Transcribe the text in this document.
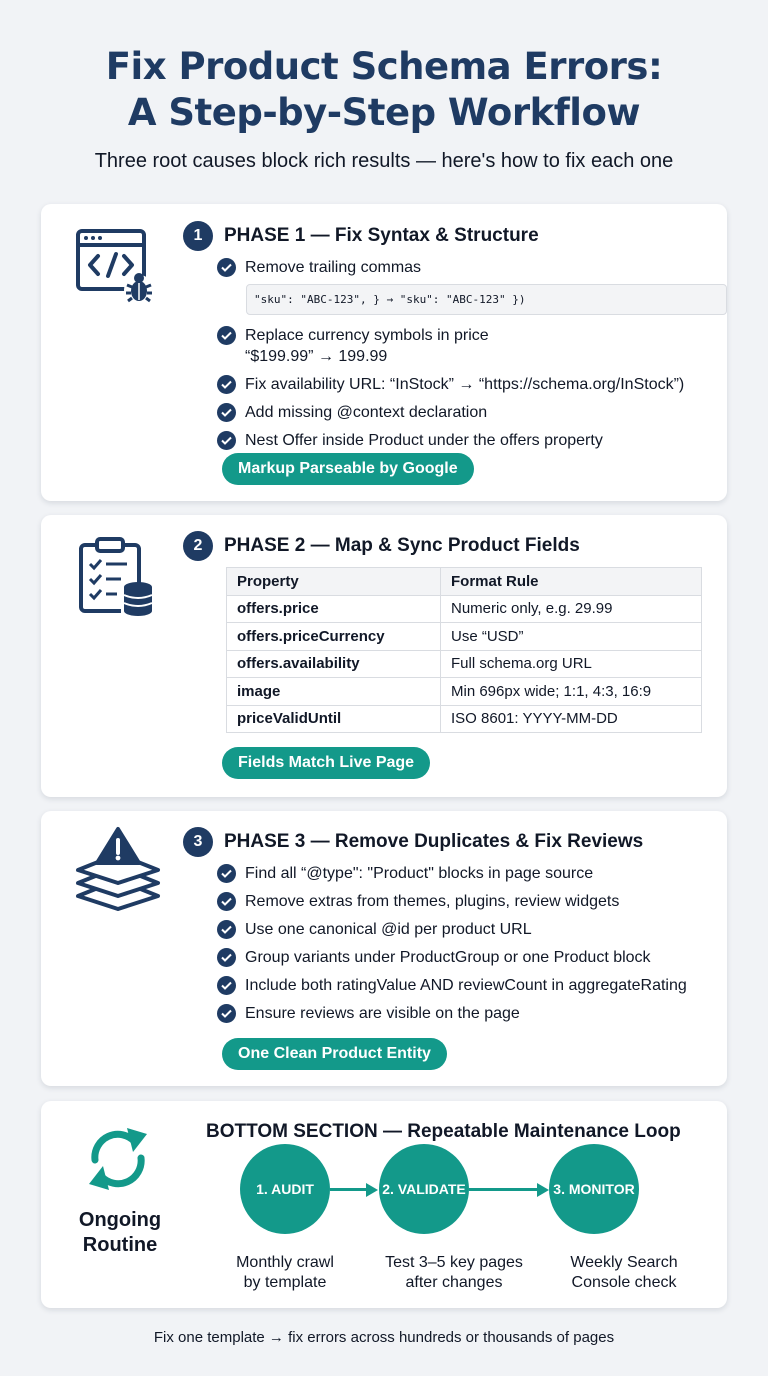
Fix Product Schema Errors:
A Step-by-Step Workflow

Three root causes block rich results — here's how to fix each one

1	PHASE 1 — Fix Syntax & Structure
Remove trailing commas
"sku": "ABC-123", } → "sku": "ABC-123" })
Replace currency symbols in price
“$199.99” → 199.99
Fix availability URL: “InStock” → “https://schema.org/InStock”)
Add missing @context declaration
Nest Offer inside Product under the offers property
Markup Parseable by Google
2	PHASE 2 — Map & Sync Product Fields
Property	Format Rule
offers.price	Numeric only, e.g. 29.99
offers.priceCurrency	Use “USD”
offers.availability	Full schema.org URL
image	Min 696px wide; 1:1, 4:3, 16:9
priceValidUntil	ISO 8601: YYYY-MM-DD
Fields Match Live Page
3	PHASE 3 — Remove Duplicates & Fix Reviews
Find all “@type": "Product" blocks in page source
Remove extras from themes, plugins, review widgets
Use one canonical @id per product URL
Group variants under ProductGroup or one Product block
Include both ratingValue AND reviewCount in aggregateRating
Ensure reviews are visible on the page
One Clean Product Entity
Ongoing
Routine
BOTTOM SECTION — Repeatable Maintenance Loop
1. AUDIT	2. VALIDATE	3. MONITOR
Monthly crawl
by template
Test 3–5 key pages
after changes
Weekly Search
Console check

Fix one template → fix errors across hundreds or thousands of pages
